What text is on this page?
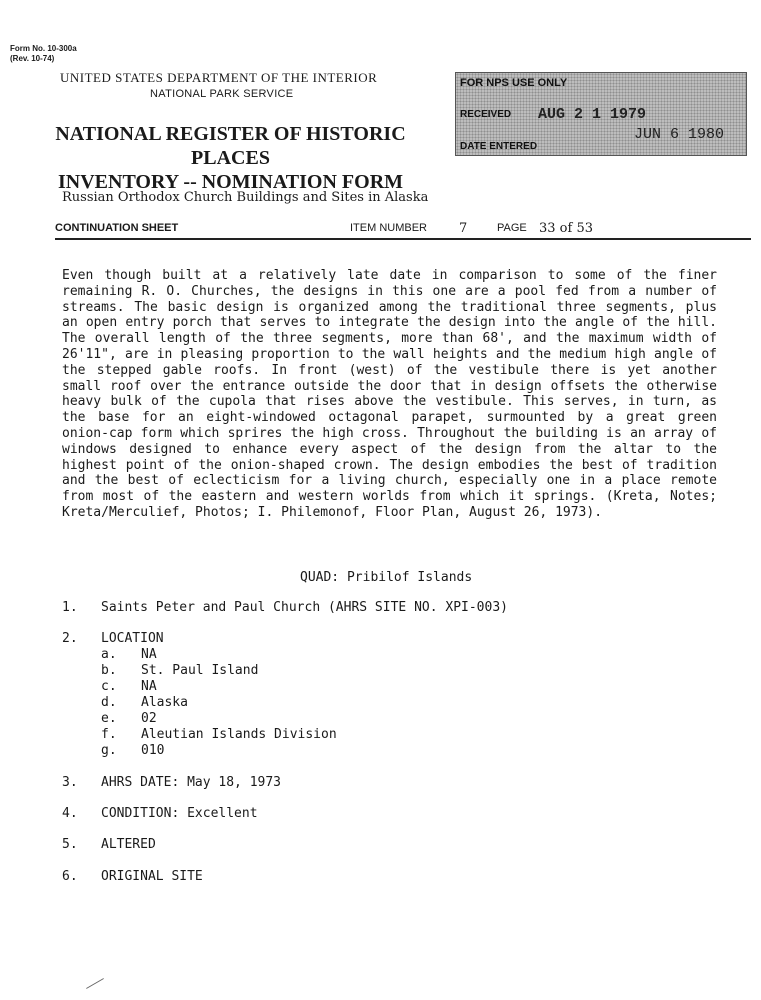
Form No. 10-300a
(Rev. 10-74)
UNITED STATES DEPARTMENT OF THE INTERIOR
NATIONAL PARK SERVICE
NATIONAL REGISTER OF HISTORIC PLACES
INVENTORY -- NOMINATION FORM
FOR NPS USE ONLY
RECEIVED AUG 2 1 1979
JUN 6 1980
DATE ENTERED
Russian Orthodox Church Buildings and Sites in Alaska
CONTINUATION SHEET	ITEM NUMBER 7	PAGE 33 of 53
Even though built at a relatively late date in comparison to some of the finer remaining R. O. Churches, the designs in this one are a pool fed from a number of streams. The basic design is organized among the traditional three segments, plus an open entry porch that serves to integrate the design into the angle of the hill. The overall length of the three segments, more than 68', and the maximum width of 26'11", are in pleasing proportion to the wall heights and the medium high angle of the stepped gable roofs. In front (west) of the vestibule there is yet another small roof over the entrance outside the door that in design offsets the otherwise heavy bulk of the cupola that rises above the vestibule. This serves, in turn, as the base for an eight-windowed octagonal parapet, surmounted by a great green onion-cap form which sprires the high cross. Throughout the building is an array of windows designed to enhance every aspect of the design from the altar to the highest point of the onion-shaped crown. The design embodies the best of tradition and the best of eclecticism for a living church, especially one in a place remote from most of the eastern and western worlds from which it springs. (Kreta, Notes; Kreta/Merculief, Photos; I. Philemonof, Floor Plan, August 26, 1973).
QUAD: Pribilof Islands
1. Saints Peter and Paul Church (AHRS SITE NO. XPI-003)
2. LOCATION
a. NA
b. St. Paul Island
c. NA
d. Alaska
e. 02
f. Aleutian Islands Division
g. 010
3. AHRS DATE: May 18, 1973
4. CONDITION: Excellent
5. ALTERED
6. ORIGINAL SITE
